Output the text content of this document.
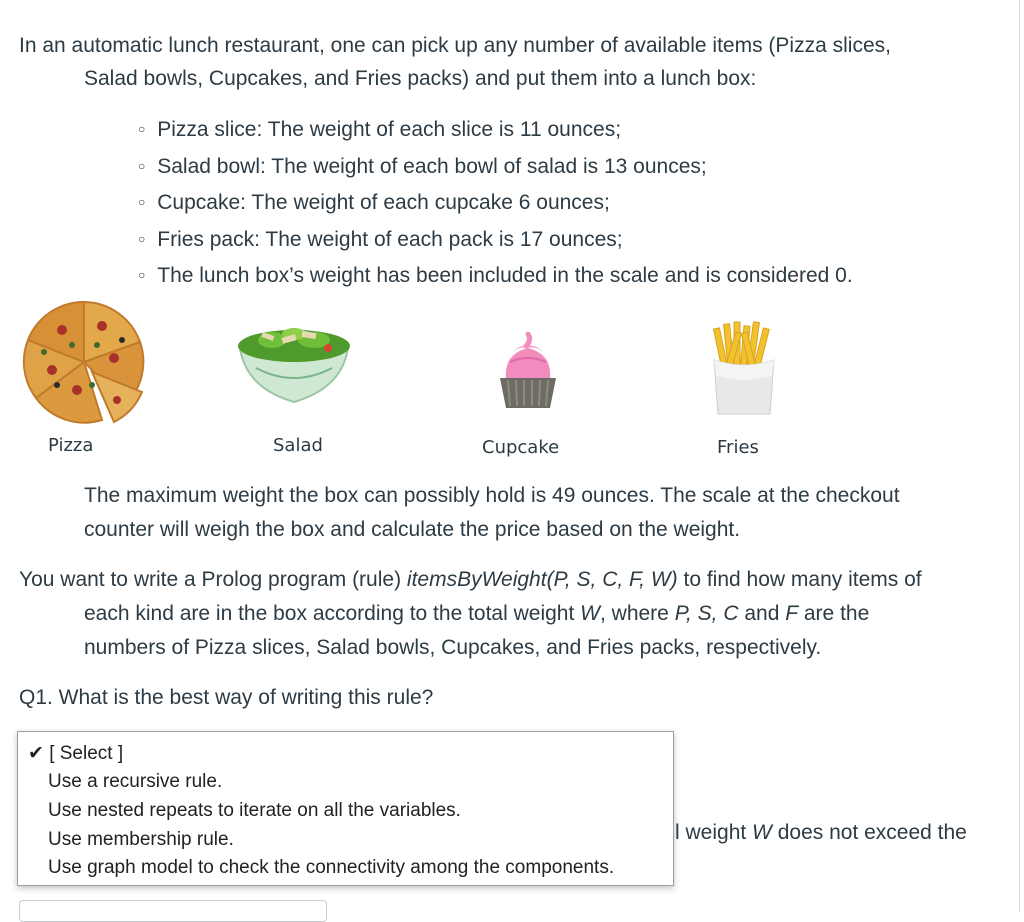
In an automatic lunch restaurant, one can pick up any number of available items (Pizza slices,
Salad bowls, Cupcakes, and Fries packs) and put them into a lunch box:
○ Pizza slice: The weight of each slice is 11 ounces;
○ Salad bowl: The weight of each bowl of salad is 13 ounces;
○ Cupcake: The weight of each cupcake 6 ounces;
○ Fries pack: The weight of each pack is 17 ounces;
○ The lunch box’s weight has been included in the scale and is considered 0.
Pizza	Salad	Cupcake	Fries
The maximum weight the box can possibly hold is 49 ounces. The scale at the checkout
counter will weigh the box and calculate the price based on the weight.
You want to write a Prolog program (rule) itemsByWeight(P, S, C, F, W) to find how many items of
each kind are in the box according to the total weight W, where P, S, C and F are the
numbers of Pizza slices, Salad bowls, Cupcakes, and Fries packs, respectively.
Q1. What is the best way of writing this rule?
l weight W does not exceed the
✔ [ Select ]
Use a recursive rule.
Use nested repeats to iterate on all the variables.
Use membership rule.
Use graph model to check the connectivity among the components.
